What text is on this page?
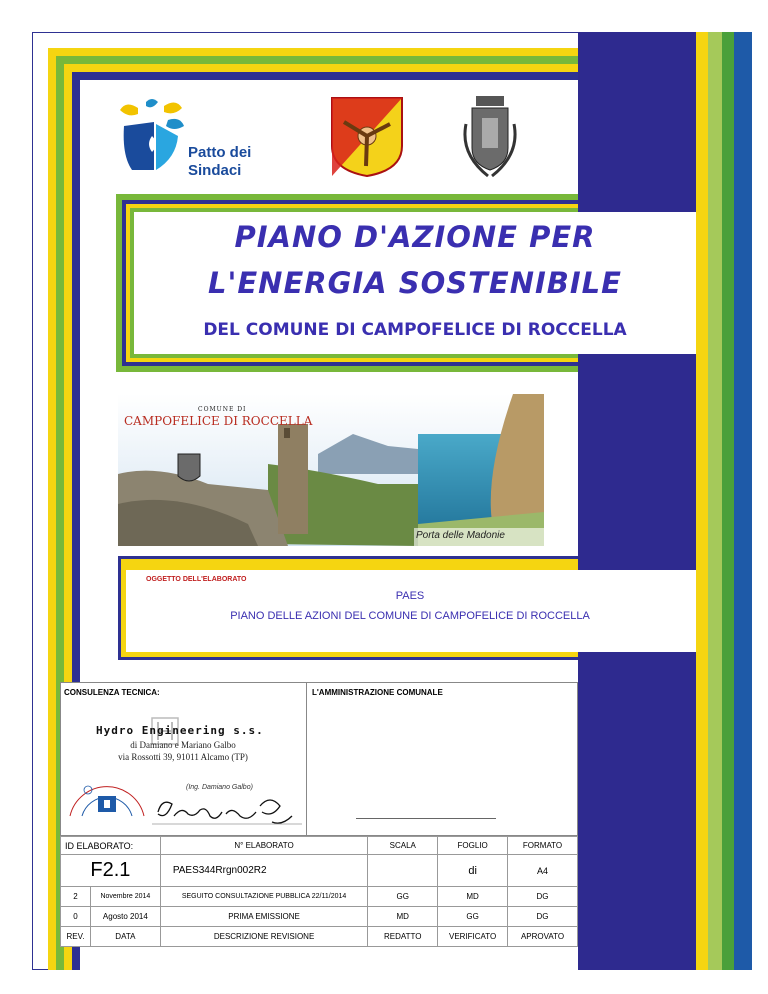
Patto dei
Sindaci
PIANO D'AZIONE PER
L'ENERGIA SOSTENIBILE
DEL COMUNE DI CAMPOFELICE DI ROCCELLA
COMUNE DI
CAMPOFELICE DI ROCCELLA
Porta delle Madonie
OGGETTO DELL'ELABORATO
PAES
PIANO DELLE AZIONI DEL COMUNE DI CAMPOFELICE DI ROCCELLA
CONSULENZA TECNICA:	L'AMMINISTRAZIONE COMUNALE
Hydro Engineering s.s.
di Damiano e Mariano Galbo
via Rossotti 39, 91011 Alcamo (TP)
(Ing. Damiano Galbo)
ID ELABORATO:		N° ELABORATO	SCALA	FOGLIO	FORMATO
F2.1		PAES344Rrgn002R2		di	A4
2	Novembre 2014	SEGUITO CONSULTAZIONE PUBBLICA 22/11/2014	GG	MD	DG
0	Agosto 2014	PRIMA EMISSIONE	MD	GG	DG
REV.	DATA	DESCRIZIONE REVISIONE	REDATTO	VERIFICATO	APROVATO
